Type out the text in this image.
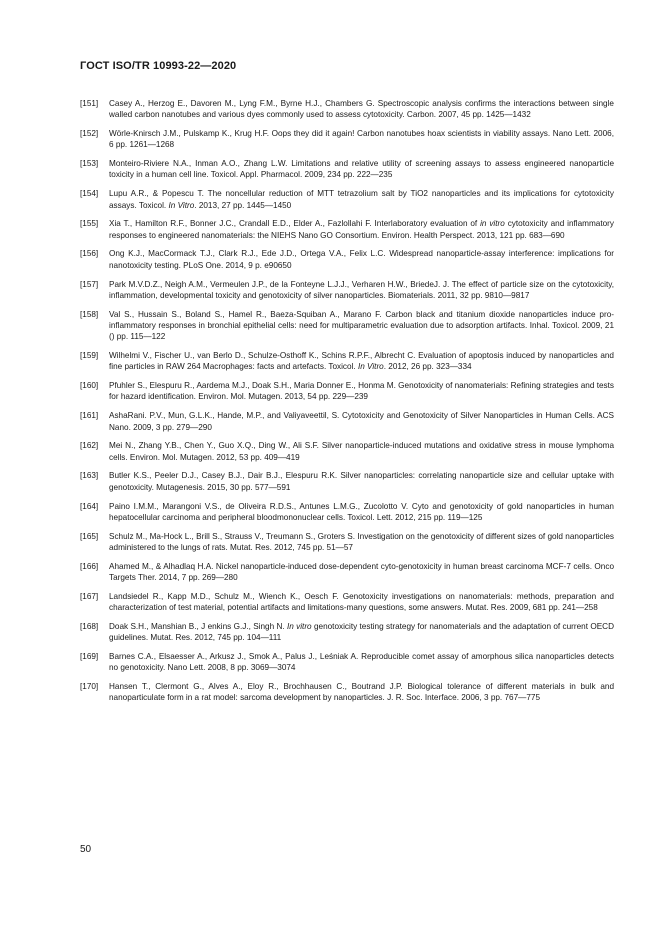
ГОСТ ISO/TR 10993-22—2020
[151]	Casey A., Herzog E., Davoren M., Lyng F.M., Byrne H.J., Chambers G. Spectroscopic analysis confirms the interactions between single walled carbon nanotubes and various dyes commonly used to assess cytotoxicity. Carbon. 2007, 45 pp. 1425—1432
[152]	Wörle-Knirsch J.M., Pulskamp K., Krug H.F. Oops they did it again! Carbon nanotubes hoax scientists in viability assays. Nano Lett. 2006, 6 pp. 1261—1268
[153]	Monteiro-Riviere N.A., Inman A.O., Zhang L.W. Limitations and relative utility of screening assays to assess engineered nanoparticle toxicity in a human cell line. Toxicol. Appl. Pharmacol. 2009, 234 pp. 222—235
[154]	Lupu A.R., & Popescu T. The noncellular reduction of MTT tetrazolium salt by TiO2 nanoparticles and its implications for cytotoxicity assays. Toxicol. In Vitro. 2013, 27 pp. 1445—1450
[155]	Xia T., Hamilton R.F., Bonner J.C., Crandall E.D., Elder A., Fazlollahi F. Interlaboratory evaluation of in vitro cytotoxicity and inflammatory responses to engineered nanomaterials: the NIEHS Nano GO Consortium. Environ. Health Perspect. 2013, 121 pp. 683—690
[156]	Ong K.J., MacCormack T.J., Clark R.J., Ede J.D., Ortega V.A., Felix L.C. Widespread nanoparticle-assay interference: implications for nanotoxicity testing. PLoS One. 2014, 9 p. e90650
[157]	Park M.V.D.Z., Neigh A.M., Vermeulen J.P., de la Fonteyne L.J.J., Verharen H.W., BriedeJ. J. The effect of particle size on the cytotoxicity, inflammation, developmental toxicity and genotoxicity of silver nanoparticles. Biomaterials. 2011, 32 pp. 9810—9817
[158]	Val S., Hussain S., Boland S., Hamel R., Baeza-Squiban A., Marano F. Carbon black and titanium dioxide nanoparticles induce pro-inflammatory responses in bronchial epithelial cells: need for multiparametric evaluation due to adsorption artifacts. Inhal. Toxicol. 2009, 21 () pp. 115—122
[159]	Wilhelmi V., Fischer U., van Berlo D., Schulze-Osthoff K., Schins R.P.F., Albrecht C. Evaluation of apoptosis induced by nanoparticles and fine particles in RAW 264 Macrophages: facts and artefacts. Toxicol. In Vitro. 2012, 26 pp. 323—334
[160]	Pfuhler S., Elespuru R., Aardema M.J., Doak S.H., Maria Donner E., Honma M. Genotoxicity of nanomaterials: Refining strategies and tests for hazard identification. Environ. Mol. Mutagen. 2013, 54 pp. 229—239
[161]	AshaRani. P.V., Mun, G.L.K., Hande, M.P., and Valiyaveettil, S. Cytotoxicity and Genotoxicity of Silver Nanoparticles in Human Cells. ACS Nano. 2009, 3 pp. 279—290
[162]	Mei N., Zhang Y.B., Chen Y., Guo X.Q., Ding W., Ali S.F. Silver nanoparticle-induced mutations and oxidative stress in mouse lymphoma cells. Environ. Mol. Mutagen. 2012, 53 pp. 409—419
[163]	Butler K.S., Peeler D.J., Casey B.J., Dair B.J., Elespuru R.K. Silver nanoparticles: correlating nanoparticle size and cellular uptake with genotoxicity. Mutagenesis. 2015, 30 pp. 577—591
[164]	Paino I.M.M., Marangoni V.S., de Oliveira R.D.S., Antunes L.M.G., Zucolotto V. Cyto and genotoxicity of gold nanoparticles in human hepatocellular carcinoma and peripheral bloodmononuclear cells. Toxicol. Lett. 2012, 215 pp. 119—125
[165]	Schulz M., Ma-Hock L., Brill S., Strauss V., Treumann S., Groters S. Investigation on the genotoxicity of different sizes of gold nanoparticles administered to the lungs of rats. Mutat. Res. 2012, 745 pp. 51—57
[166]	Ahamed M., & Alhadlaq H.A. Nickel nanoparticle-induced dose-dependent cyto-genotoxicity in human breast carcinoma MCF-7 cells. Onco Targets Ther. 2014, 7 pp. 269—280
[167]	Landsiedel R., Kapp M.D., Schulz M., Wiench K., Oesch F. Genotoxicity investigations on nanomaterials: methods, preparation and characterization of test material, potential artifacts and limitations-many questions, some answers. Mutat. Res. 2009, 681 pp. 241—258
[168]	Doak S.H., Manshian B., J enkins G.J., Singh N. In vitro genotoxicity testing strategy for nanomaterials and the adaptation of current OECD guidelines. Mutat. Res. 2012, 745 pp. 104—111
[169]	Barnes C.A., Elsaesser A., Arkusz J., Smok A., Palus J., Leśniak A. Reproducible comet assay of amorphous silica nanoparticles detects no genotoxicity. Nano Lett. 2008, 8 pp. 3069—3074
[170]	Hansen T., Clermont G., Alves A., Eloy R., Brochhausen C., Boutrand J.P. Biological tolerance of different materials in bulk and nanoparticulate form in a rat model: sarcoma development by nanoparticles. J. R. Soc. Interface. 2006, 3 pp. 767—775
50
